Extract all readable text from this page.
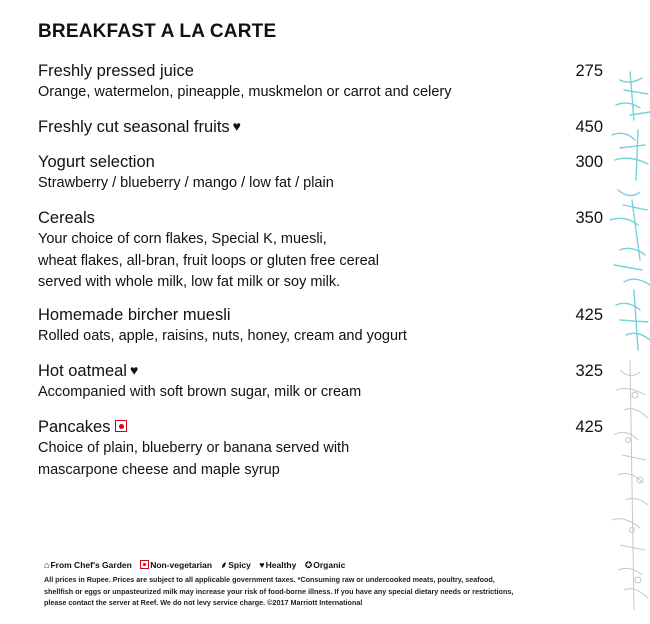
BREAKFAST A LA CARTE
Freshly pressed juice	275
Orange, watermelon, pineapple, muskmelon or carrot and celery
Freshly cut seasonal fruits ♥	450
Yogurt selection	300
Strawberry / blueberry / mango / low fat / plain
Cereals	350
Your choice of corn flakes, Special K, muesli,
wheat flakes, all-bran, fruit loops or gluten free cereal
served with whole milk, low fat milk or soy milk.
Homemade bircher muesli	425
Rolled oats, apple, raisins, nuts, honey, cream and yogurt
Hot oatmeal ♥	325
Accompanied with soft brown sugar, milk or cream
Pancakes	425
Choice of plain, blueberry or banana served with
mascarpone cheese and maple syrup
⌂From Chef's Garden Non-vegetarian ⸙Spicy ♥Healthy ✪Organic
All prices in Rupee. Prices are subject to all applicable government taxes. *Consuming raw or undercooked meats, poultry, seafood,
shellfish or eggs or unpasteurized milk may increase your risk of food-borne illness. If you have any special dietary needs or restrictions,
please contact the server at Reef. We do not levy service charge. ©2017 Marriott International
